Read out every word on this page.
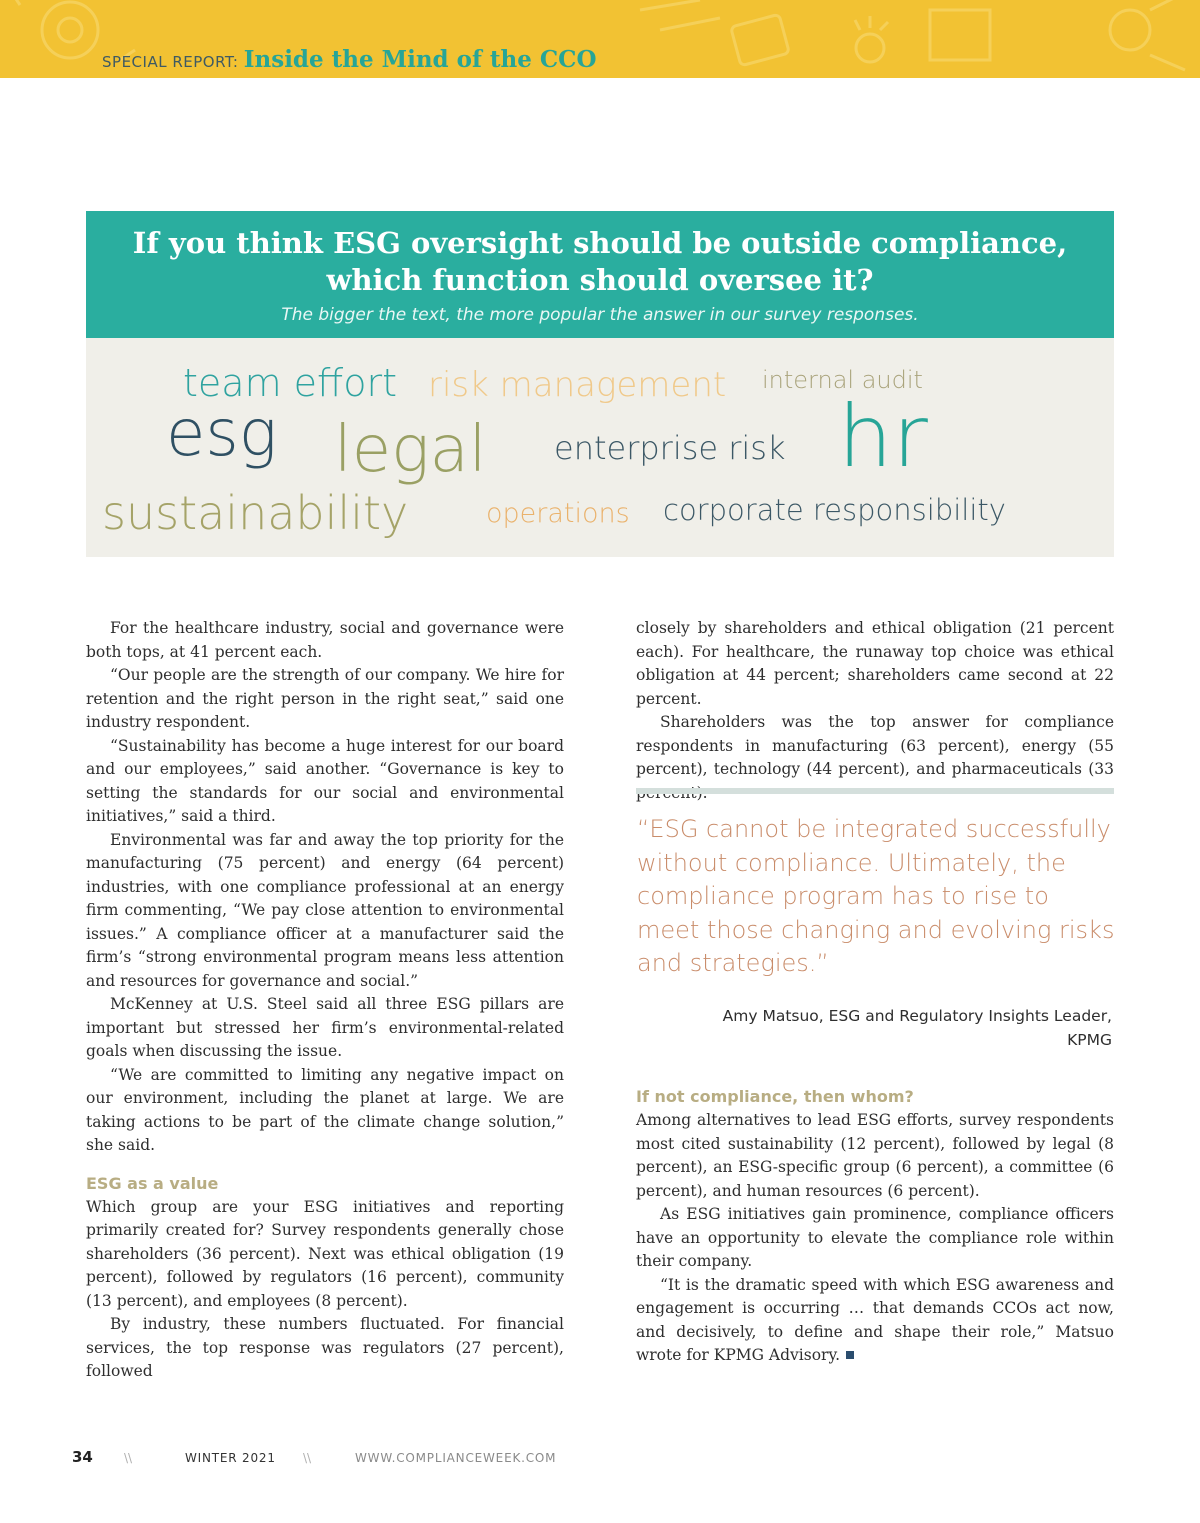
SPECIAL REPORT: Inside the Mind of the CCO
If you think ESG oversight should be outside compliance,
which function should oversee it?
The bigger the text, the more popular the answer in our survey responses.
team effort risk management internal audit
esg legal enterprise risk hr
sustainability	operations corporate responsibility

For the healthcare industry, social and governance were both tops, at 41 percent each.

“Our people are the strength of our company. We hire for retention and the right person in the right seat,” said one industry respondent.

“Sustainability has become a huge interest for our board and our employees,” said another. “Governance is key to setting the standards for our social and environmental initiatives,” said a third.

Environmental was far and away the top priority for the manufacturing (75 percent) and energy (64 percent) industries, with one compliance professional at an energy firm commenting, “We pay close attention to environmental issues.” A compliance officer at a manufacturer said the firm’s “strong environmental program means less attention and resources for governance and social.”

McKenney at U.S. Steel said all three ESG pillars are important but stressed her firm’s environmental-related goals when discussing the issue.

“We are committed to limiting any negative impact on our environment, including the planet at large. We are taking actions to be part of the climate change solution,” she said.

ESG as a value

Which group are your ESG initiatives and reporting primarily created for? Survey respondents generally chose shareholders (36 percent). Next was ethical obligation (19 percent), followed by regulators (16 percent), community (13 percent), and employees (8 percent).

By industry, these numbers fluctuated. For financial services, the top response was regulators (27 percent), followed

closely by shareholders and ethical obligation (21 percent each). For healthcare, the runaway top choice was ethical obligation at 44 percent; shareholders came second at 22 percent.

Shareholders was the top answer for compliance respondents in manufacturing (63 percent), energy (55 percent), technology (44 percent), and pharmaceuticals (33

“ESG cannot be integrated successfully without compliance. Ultimately, the compliance program has to rise to meet those changing and evolving risks and strategies.”
Amy Matsuo, ESG and Regulatory Insights Leader,
KPMG
If not compliance, then whom?

Among alternatives to lead ESG efforts, survey respondents most cited sustainability (12 percent), followed by legal (8 percent), an ESG-specific group (6 percent), a committee (6 percent), and human resources (6 percent).

As ESG initiatives gain prominence, compliance officers have an opportunity to elevate the compliance role within their company.

“It is the dramatic speed with which ESG awareness and engagement is occurring … that demands CCOs act now, and decisively, to define and shape their role,” Matsuo wrote for KPMG Advisory.

34	\\	WINTER 2021 \\	WWW.COMPLIANCEWEEK.COM
